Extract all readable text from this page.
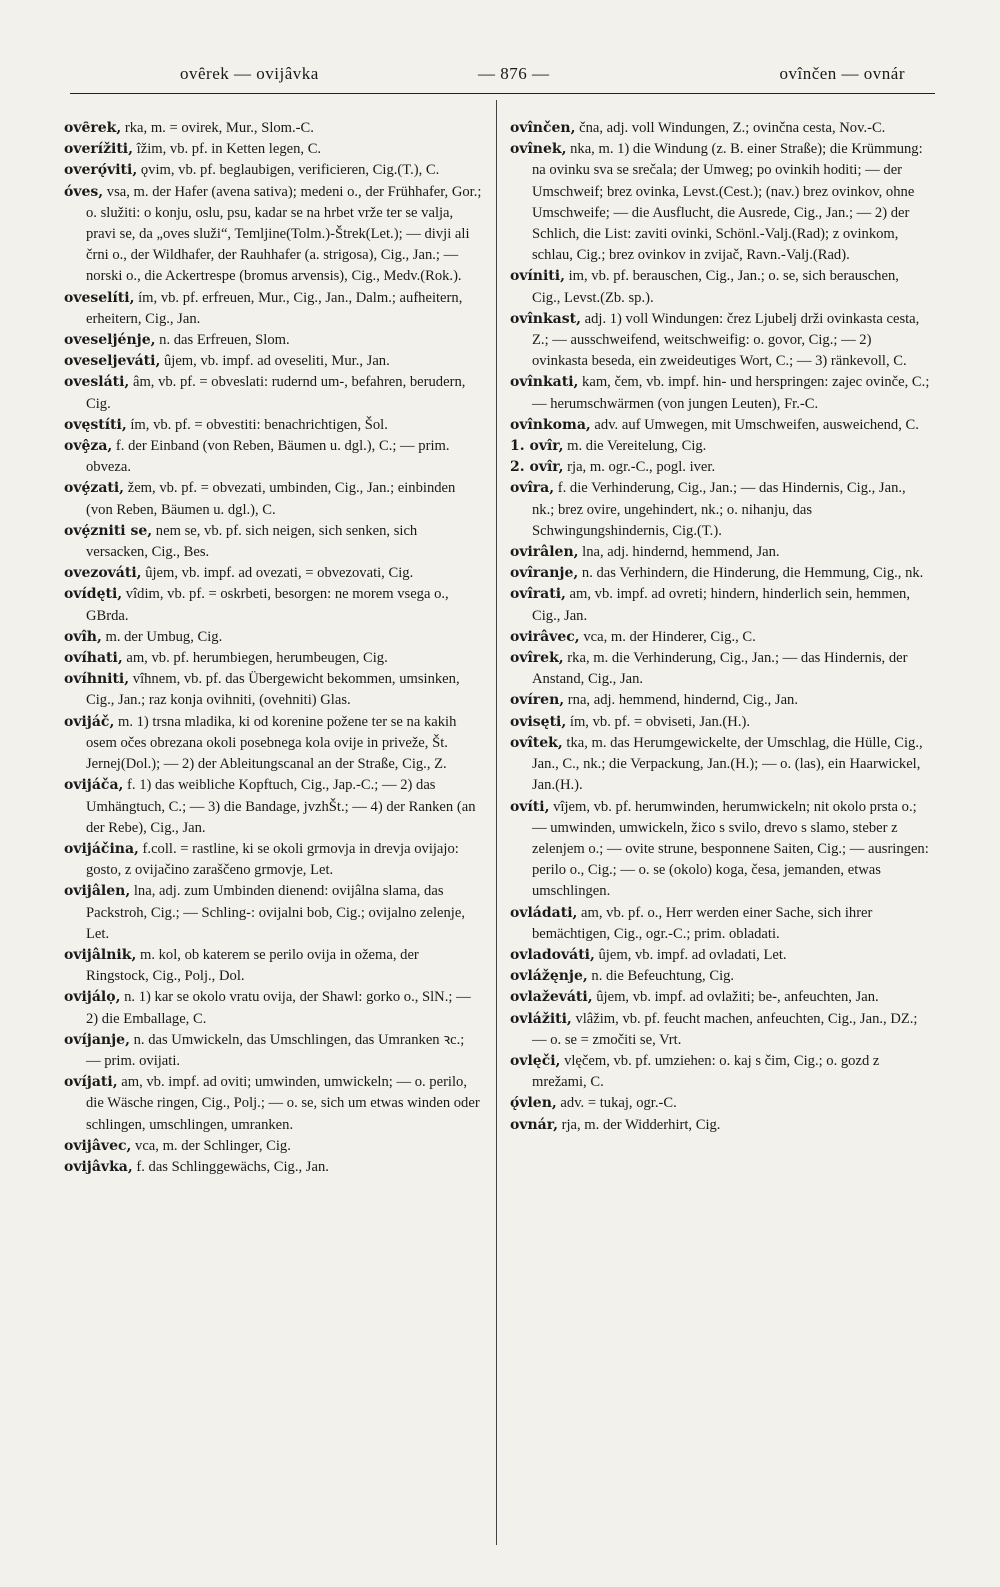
ovȇrek — ovijâvka	— 876 —	ovînčen — ovnár

ovȇrek, rka, m. = ovirek, Mur., Slom.-C.

overížiti, îžim, vb. pf. in Ketten legen, C.

overǫ́viti, ǫvim, vb. pf. beglaubigen, verificieren, Cig.(T.), C.

óves, vsa, m. der Hafer (avena sativa); medeni o., der Frühhafer, Gor.; o. služiti: o konju, oslu, psu, kadar se na hrbet vrže ter se valja, pravi se, da „oves služi“, Temljine(Tolm.)-Štrek(Let.); — divji ali črni o., der Wildhafer, der Rauhhafer (a. strigosa), Cig., Jan.; — norski o., die Ackertrespe (bromus arvensis), Cig., Medv.(Rok.).

oveselíti, ím, vb. pf. erfreuen, Mur., Cig., Jan., Dalm.; aufheitern, erheitern, Cig., Jan.

oveseljénje, n. das Erfreuen, Slom.

oveseljeváti, ûjem, vb. impf. ad oveseliti, Mur., Jan.

ovesláti, âm, vb. pf. = obveslati: rudernd um-, befahren, berudern, Cig.

ovęstíti, ím, vb. pf. = obvestiti: benachrichtigen, Šol.

ovȩ̂za, f. der Einband (von Reben, Bäumen u. dgl.), C.; — prim. obveza.

ovȩ́zati, žem, vb. pf. = obvezati, umbinden, Cig., Jan.; einbinden (von Reben, Bäumen u. dgl.), C.

ovȩ́zniti se, nem se, vb. pf. sich neigen, sich senken, sich versacken, Cig., Bes.

ovezováti, ûjem, vb. impf. ad ovezati, = obvezovati, Cig.

ovídęti, vîdim, vb. pf. = oskrbeti, besorgen: ne morem vsega o., GBrda.

ovîh, m. der Umbug, Cig.

ovíhati, am, vb. pf. herumbiegen, herumbeugen, Cig.

ovíhniti, vîhnem, vb. pf. das Übergewicht bekommen, umsinken, Cig., Jan.; raz konja ovihniti, (ovehniti) Glas.

ovijáč, m. 1) trsna mladika, ki od korenine požene ter se na kakih osem očes obrezana okoli posebnega kola ovije in priveže, Št. Jernej(Dol.); — 2) der Ableitungscanal an der Straße, Cig., Z.

ovijáča, f. 1) das weibliche Kopftuch, Cig., Jap.-C.; — 2) das Umhängtuch, C.; — 3) die Bandage, jvzhŠt.; — 4) der Ranken (an der Rebe), Cig., Jan.

ovijáčina, f.coll. = rastline, ki se okoli grmovja in drevja ovijajo: gosto, z ovijačino zaraščeno grmovje, Let.

ovijâlen, lna, adj. zum Umbinden dienend: ovijâlna slama, das Packstroh, Cig.; — Schling-: ovijalni bob, Cig.; ovijalno zelenje, Let.

ovijâlnik, m. kol, ob katerem se perilo ovija in ožema, der Ringstock, Cig., Polj., Dol.

ovijálọ, n. 1) kar se okolo vratu ovija, der Shawl: gorko o., SlN.; — 2) die Emballage, C.

ovíjanje, n. das Umwickeln, das Umschlingen, das Umranken ꝛc.; — prim. ovijati.

ovíjati, am, vb. impf. ad oviti; umwinden, umwickeln; — o. perilo, die Wäsche ringen, Cig., Polj.; — o. se, sich um etwas winden oder schlingen, umschlingen, umranken.

ovijâvec, vca, m. der Schlinger, Cig.

ovijâvka, f. das Schlinggewächs, Cig., Jan.

ovînčen, čna, adj. voll Windungen, Z.; ovinčna cesta, Nov.-C.

ovînek, nka, m. 1) die Windung (z. B. einer Straße); die Krümmung: na ovinku sva se srečala; der Umweg; po ovinkih hoditi; — der Umschweif; brez ovinka, Levst.(Cest.); (nav.) brez ovinkov, ohne Umschweife; — die Ausflucht, die Ausrede, Cig., Jan.; — 2) der Schlich, die List: zaviti ovinki, Schönl.-Valj.(Rad); z ovinkom, schlau, Cig.; brez ovinkov in zvijač, Ravn.-Valj.(Rad).

ovíniti, im, vb. pf. berauschen, Cig., Jan.; o. se, sich berauschen, Cig., Levst.(Zb. sp.).

ovînkast, adj. 1) voll Windungen: črez Ljubelj drži ovinkasta cesta, Z.; — ausschweifend, weitschweifig: o. govor, Cig.; — 2) ovinkasta beseda, ein zweideutiges Wort, C.; — 3) ränkevoll, C.

ovînkati, kam, čem, vb. impf. hin- und herspringen: zajec ovinče, C.; — herumschwärmen (von jungen Leuten), Fr.-C.

ovînkoma, adv. auf Umwegen, mit Umschweifen, ausweichend, C.

1. ovîr, m. die Vereitelung, Cig.

2. ovîr, rja, m. ogr.-C., pogl. iver.

ovîra, f. die Verhinderung, Cig., Jan.; — das Hindernis, Cig., Jan., nk.; brez ovire, ungehindert, nk.; o. nihanju, das Schwingungshindernis, Cig.(T.).

ovirâlen, lna, adj. hindernd, hemmend, Jan.

ovîranje, n. das Verhindern, die Hinderung, die Hemmung, Cig., nk.

ovîrati, am, vb. impf. ad ovreti; hindern, hinderlich sein, hemmen, Cig., Jan.

ovirâvec, vca, m. der Hinderer, Cig., C.

ovîrek, rka, m. die Verhinderung, Cig., Jan.; — das Hindernis, der Anstand, Cig., Jan.

ovíren, rna, adj. hemmend, hindernd, Cig., Jan.

ovisęti, ím, vb. pf. = obviseti, Jan.(H.).

ovîtek, tka, m. das Herumgewickelte, der Umschlag, die Hülle, Cig., Jan., C., nk.; die Verpackung, Jan.(H.); — o. (las), ein Haarwickel, Jan.(H.).

ovíti, vîjem, vb. pf. herumwinden, herumwickeln; nit okolo prsta o.; — umwinden, umwickeln, žico s svilo, drevo s slamo, steber z zelenjem o.; — ovite strune, besponnene Saiten, Cig.; — ausringen: perilo o., Cig.; — o. se (okolo) koga, česa, jemanden, etwas umschlingen.

ovládati, am, vb. pf. o., Herr werden einer Sache, sich ihrer bemächtigen, Cig., ogr.-C.; prim. obladati.

ovladováti, ûjem, vb. impf. ad ovladati, Let.

ovlážęnje, n. die Befeuchtung, Cig.

ovlaževáti, ûjem, vb. impf. ad ovlažiti; be-, anfeuchten, Jan.

ovlážiti, vlâžim, vb. pf. feucht machen, anfeuchten, Cig., Jan., DZ.; — o. se = zmočiti se, Vrt.

ovlęči, vlęčem, vb. pf. umziehen: o. kaj s čim, Cig.; o. gozd z mrežami, C.

ǫ́vlen, adv. = tukaj, ogr.-C.

ovnár, rja, m. der Widderhirt, Cig.
